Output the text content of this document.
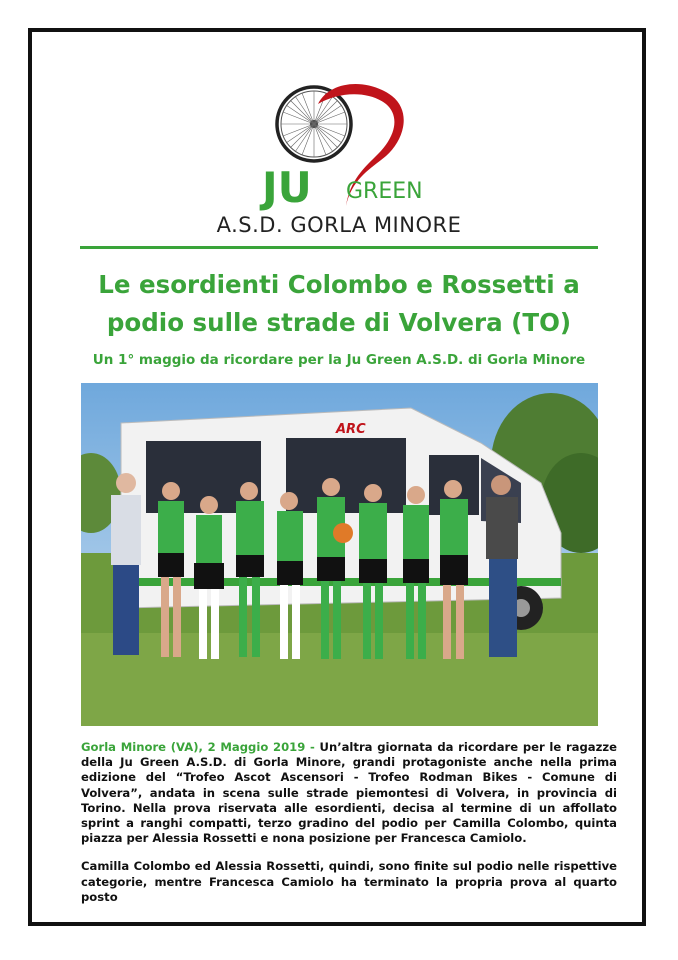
JU GREEN
A.S.D. GORLA MINORE
Le esordienti Colombo e Rossetti a
podio sulle strade di Volvera (TO)
Un 1° maggio da ricordare per la Ju Green A.S.D. di Gorla Minore
ARC

Gorla Minore (VA), 2 Maggio 2019 - Un’altra giornata da ricordare per le ragazze della Ju Green A.S.D. di Gorla Minore, grandi protagoniste anche nella prima edizione del “Trofeo Ascot Ascensori - Trofeo Rodman Bikes - Comune di Volvera”, andata in scena sulle strade piemontesi di Volvera, in provincia di Torino. Nella prova riservata alle esordienti, decisa al termine di un affollato sprint a ranghi compatti, terzo gradino del podio per Camilla Colombo, quinta piazza per Alessia Rossetti e nona posizione per Francesca Camiolo.

Camilla Colombo ed Alessia Rossetti, quindi, sono finite sul podio nelle rispettive categorie, mentre Francesca Camiolo ha terminato la propria prova al quarto posto
